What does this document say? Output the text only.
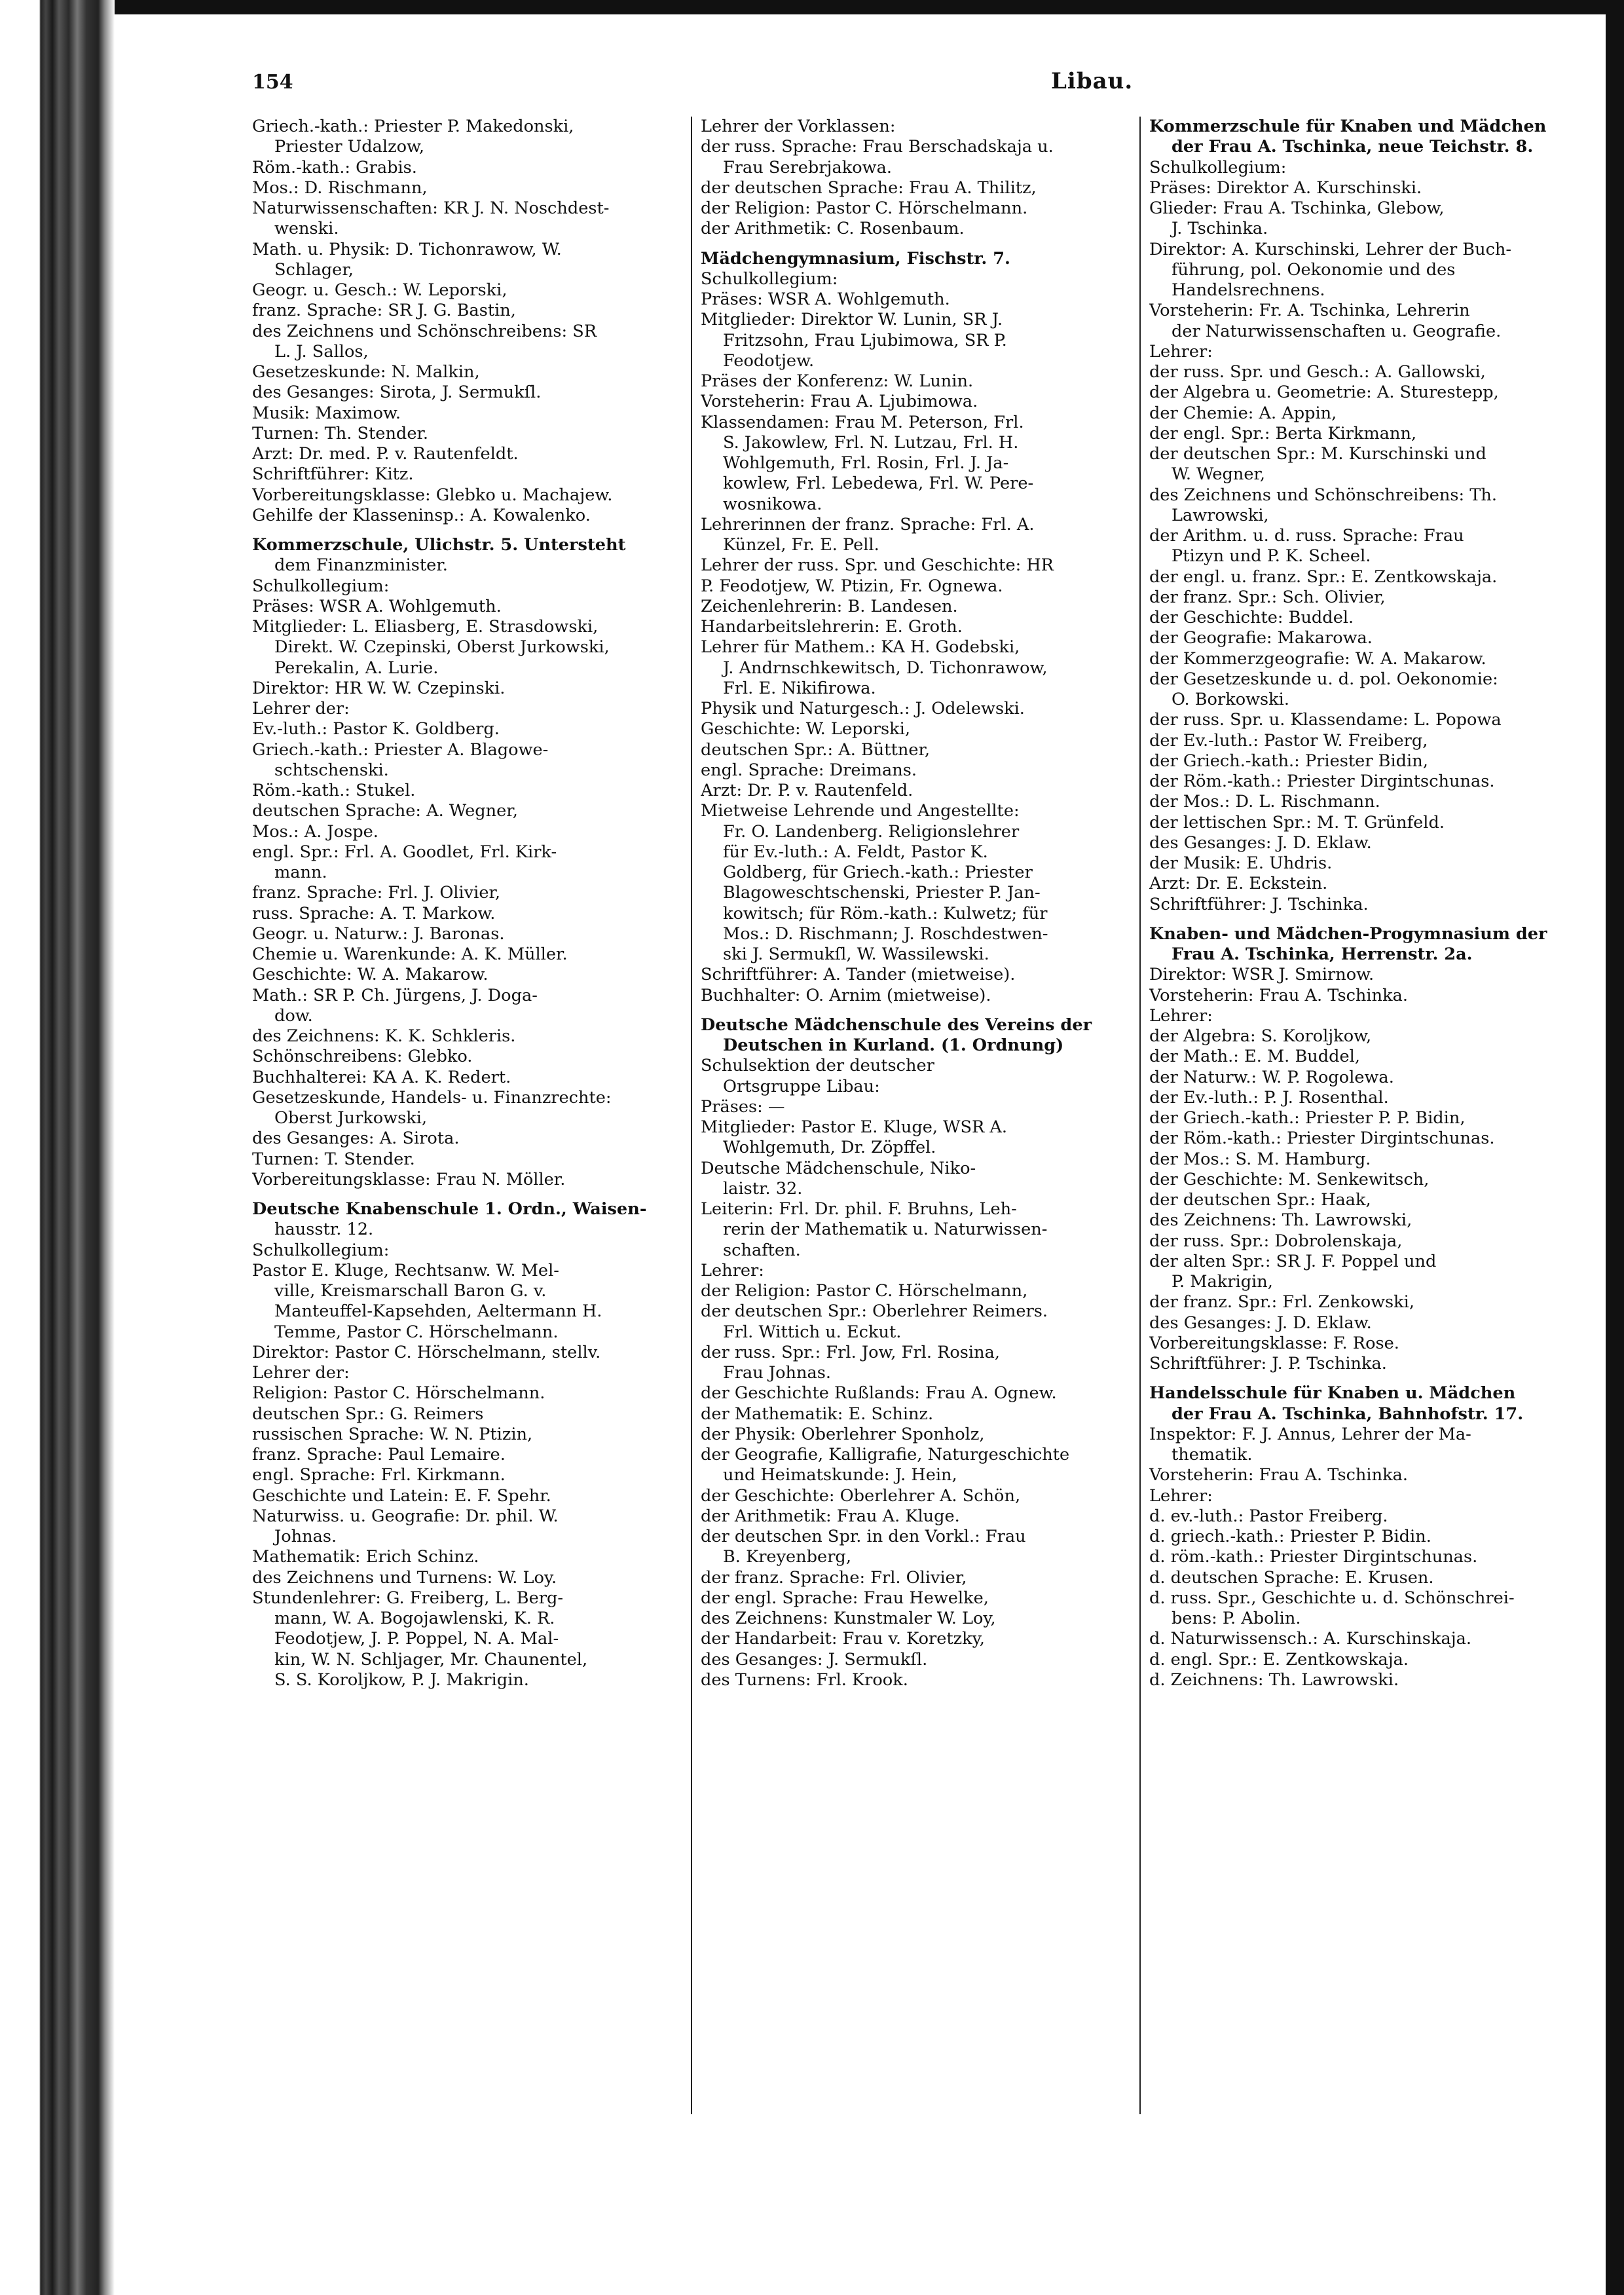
154	Libau.
Griech.-kath.: Priester P. Makedonski,
Priester Udalzow,
Röm.-kath.: Grabis.
Mos.: D. Rischmann,
Naturwissenschaften: KR J. N. Noschdest-
wenski.
Math. u. Physik: D. Tichonrawow, W.
Schlager,
Geogr. u. Gesch.: W. Leporski,
franz. Sprache: SR J. G. Bastin,
des Zeichnens und Schönschreibens: SR
L. J. Sallos,
Gesetzeskunde: N. Malkin,
des Gesanges: Sirota, J. Sermukſl.
Musik: Maximow.
Turnen: Th. Stender.
Arzt: Dr. med. P. v. Rautenfeldt.
Schriftführer: Kitz.
Vorbereitungsklasse: Glebko u. Machajew.
Gehilfe der Klasseninsp.: A. Kowalenko.
Kommerzschule, Ulichstr. 5. Untersteht
dem Finanzminister.
Schulkollegium:
Präses: WSR A. Wohlgemuth.
Mitglieder: L. Eliasberg, E. Strasdowski,
Direkt. W. Czepinski, Oberst Jurkowski,
Perekalin, A. Lurie.
Direktor: HR W. W. Czepinski.
Lehrer der:
Ev.-luth.: Pastor K. Goldberg.
Griech.-kath.: Priester A. Blagowe-
schtschenski.
Röm.-kath.: Stukel.
deutschen Sprache: A. Wegner,
Mos.: A. Jospe.
engl. Spr.: Frl. A. Goodlet, Frl. Kirk-
mann.
franz. Sprache: Frl. J. Olivier,
russ. Sprache: A. T. Markow.
Geogr. u. Naturw.: J. Baronas.
Chemie u. Warenkunde: A. K. Müller.
Geschichte: W. A. Makarow.
Math.: SR P. Ch. Jürgens, J. Doga-
dow.
des Zeichnens: K. K. Schkleris.
Schönschreibens: Glebko.
Buchhalterei: KA A. K. Redert.
Gesetzeskunde, Handels- u. Finanzrechte:
Oberst Jurkowski,
des Gesanges: A. Sirota.
Turnen: T. Stender.
Vorbereitungsklasse: Frau N. Möller.
Deutsche Knabenschule 1. Ordn., Waisen-
hausstr. 12.
Schulkollegium:
Pastor E. Kluge, Rechtsanw. W. Mel-
ville, Kreismarschall Baron G. v.
Manteuffel-Kapsehden, Aeltermann H.
Temme, Pastor C. Hörschelmann.
Direktor: Pastor C. Hörschelmann, stellv.
Lehrer der:
Religion: Pastor C. Hörschelmann.
deutschen Spr.: G. Reimers
russischen Sprache: W. N. Ptizin,
franz. Sprache: Paul Lemaire.
engl. Sprache: Frl. Kirkmann.
Geschichte und Latein: E. F. Spehr.
Naturwiss. u. Geografie: Dr. phil. W.
Johnas.
Mathematik: Erich Schinz.
des Zeichnens und Turnens: W. Loy.
Stundenlehrer: G. Freiberg, L. Berg-
mann, W. A. Bogojawlenski, K. R.
Feodotjew, J. P. Poppel, N. A. Mal-
kin, W. N. Schljager, Mr. Chaunentel,
S. S. Koroljkow, P. J. Makrigin.
Lehrer der Vorklassen:
der russ. Sprache: Frau Berschadskaja u.
Frau Serebrjakowa.
der deutschen Sprache: Frau A. Thilitz,
der Religion: Pastor C. Hörschelmann.
der Arithmetik: C. Rosenbaum.
Mädchengymnasium, Fischstr. 7.
Schulkollegium:
Präses: WSR A. Wohlgemuth.
Mitglieder: Direktor W. Lunin, SR J.
Fritzsohn, Frau Ljubimowa, SR P.
Feodotjew.
Präses der Konferenz: W. Lunin.
Vorsteherin: Frau A. Ljubimowa.
Klassendamen: Frau M. Peterson, Frl.
S. Jakowlew, Frl. N. Lutzau, Frl. H.
Wohlgemuth, Frl. Rosin, Frl. J. Ja-
kowlew, Frl. Lebedewa, Frl. W. Pere-
wosnikowa.
Lehrerinnen der franz. Sprache: Frl. A.
Künzel, Fr. E. Pell.
Lehrer der russ. Spr. und Geschichte: HR
P. Feodotjew, W. Ptizin, Fr. Ognewa.
Zeichenlehrerin: B. Landesen.
Handarbeitslehrerin: E. Groth.
Lehrer für Mathem.: KA H. Godebski,
J. Andrnschkewitsch, D. Tichonrawow,
Frl. E. Nikifirowa.
Physik und Naturgesch.: J. Odelewski.
Geschichte: W. Leporski,
deutschen Spr.: A. Büttner,
engl. Sprache: Dreimans.
Arzt: Dr. P. v. Rautenfeld.
Mietweise Lehrende und Angestellte:
Fr. O. Landenberg. Religionslehrer
für Ev.-luth.: A. Feldt, Pastor K.
Goldberg, für Griech.-kath.: Priester
Blagoweschtschenski, Priester P. Jan-
kowitsch; für Röm.-kath.: Kulwetz; für
Mos.: D. Rischmann; J. Roschdestwen-
ski J. Sermukſl, W. Wassilewski.
Schriftführer: A. Tander (mietweise).
Buchhalter: O. Arnim (mietweise).
Deutsche Mädchenschule des Vereins der
Deutschen in Kurland. (1. Ordnung)
Schulsektion der deutscher
Ortsgruppe Libau:
Präses: —
Mitglieder: Pastor E. Kluge, WSR A.
Wohlgemuth, Dr. Zöpffel.
Deutsche Mädchenschule, Niko-
laistr. 32.
Leiterin: Frl. Dr. phil. F. Bruhns, Leh-
rerin der Mathematik u. Naturwissen-
schaften.
Lehrer:
der Religion: Pastor C. Hörschelmann,
der deutschen Spr.: Oberlehrer Reimers.
Frl. Wittich u. Eckut.
der russ. Spr.: Frl. Jow, Frl. Rosina,
Frau Johnas.
der Geschichte Rußlands: Frau A. Ognew.
der Mathematik: E. Schinz.
der Physik: Oberlehrer Sponholz,
der Geografie, Kalligrafie, Naturgeschichte
und Heimatskunde: J. Hein,
der Geschichte: Oberlehrer A. Schön,
der Arithmetik: Frau A. Kluge.
der deutschen Spr. in den Vorkl.: Frau
B. Kreyenberg,
der franz. Sprache: Frl. Olivier,
der engl. Sprache: Frau Hewelke,
des Zeichnens: Kunstmaler W. Loy,
der Handarbeit: Frau v. Koretzky,
des Gesanges: J. Sermukſl.
des Turnens: Frl. Krook.
Kommerzschule für Knaben und Mädchen
der Frau A. Tschinka, neue Teichstr. 8.
Schulkollegium:
Präses: Direktor A. Kurschinski.
Glieder: Frau A. Tschinka, Glebow,
J. Tschinka.
Direktor: A. Kurschinski, Lehrer der Buch-
führung, pol. Oekonomie und des
Handelsrechnens.
Vorsteherin: Fr. A. Tschinka, Lehrerin
der Naturwissenschaften u. Geografie.
Lehrer:
der russ. Spr. und Gesch.: A. Gallowski,
der Algebra u. Geometrie: A. Sturestepp,
der Chemie: A. Appin,
der engl. Spr.: Berta Kirkmann,
der deutschen Spr.: M. Kurschinski und
W. Wegner,
des Zeichnens und Schönschreibens: Th.
Lawrowski,
der Arithm. u. d. russ. Sprache: Frau
Ptizyn und P. K. Scheel.
der engl. u. franz. Spr.: E. Zentkowskaja.
der franz. Spr.: Sch. Olivier,
der Geschichte: Buddel.
der Geografie: Makarowa.
der Kommerzgeografie: W. A. Makarow.
der Gesetzeskunde u. d. pol. Oekonomie:
O. Borkowski.
der russ. Spr. u. Klassendame: L. Popowa
der Ev.-luth.: Pastor W. Freiberg,
der Griech.-kath.: Priester Bidin,
der Röm.-kath.: Priester Dirgintschunas.
der Mos.: D. L. Rischmann.
der lettischen Spr.: M. T. Grünfeld.
des Gesanges: J. D. Eklaw.
der Musik: E. Uhdris.
Arzt: Dr. E. Eckstein.
Schriftführer: J. Tschinka.
Knaben- und Mädchen-Progymnasium der
Frau A. Tschinka, Herrenstr. 2a.
Direktor: WSR J. Smirnow.
Vorsteherin: Frau A. Tschinka.
Lehrer:
der Algebra: S. Koroljkow,
der Math.: E. M. Buddel,
der Naturw.: W. P. Rogolewa.
der Ev.-luth.: P. J. Rosenthal.
der Griech.-kath.: Priester P. P. Bidin,
der Röm.-kath.: Priester Dirgintschunas.
der Mos.: S. M. Hamburg.
der Geschichte: M. Senkewitsch,
der deutschen Spr.: Haak,
des Zeichnens: Th. Lawrowski,
der russ. Spr.: Dobrolenskaja,
der alten Spr.: SR J. F. Poppel und
P. Makrigin,
der franz. Spr.: Frl. Zenkowski,
des Gesanges: J. D. Eklaw.
Vorbereitungsklasse: F. Rose.
Schriftführer: J. P. Tschinka.
Handelsschule für Knaben u. Mädchen
der Frau A. Tschinka, Bahnhofstr. 17.
Inspektor: F. J. Annus, Lehrer der Ma-
thematik.
Vorsteherin: Frau A. Tschinka.
Lehrer:
d. ev.-luth.: Pastor Freiberg.
d. griech.-kath.: Priester P. Bidin.
d. röm.-kath.: Priester Dirgintschunas.
d. deutschen Sprache: E. Krusen.
d. russ. Spr., Geschichte u. d. Schönschrei-
bens: P. Abolin.
d. Naturwissensch.: A. Kurschinskaja.
d. engl. Spr.: E. Zentkowskaja.
d. Zeichnens: Th. Lawrowski.
